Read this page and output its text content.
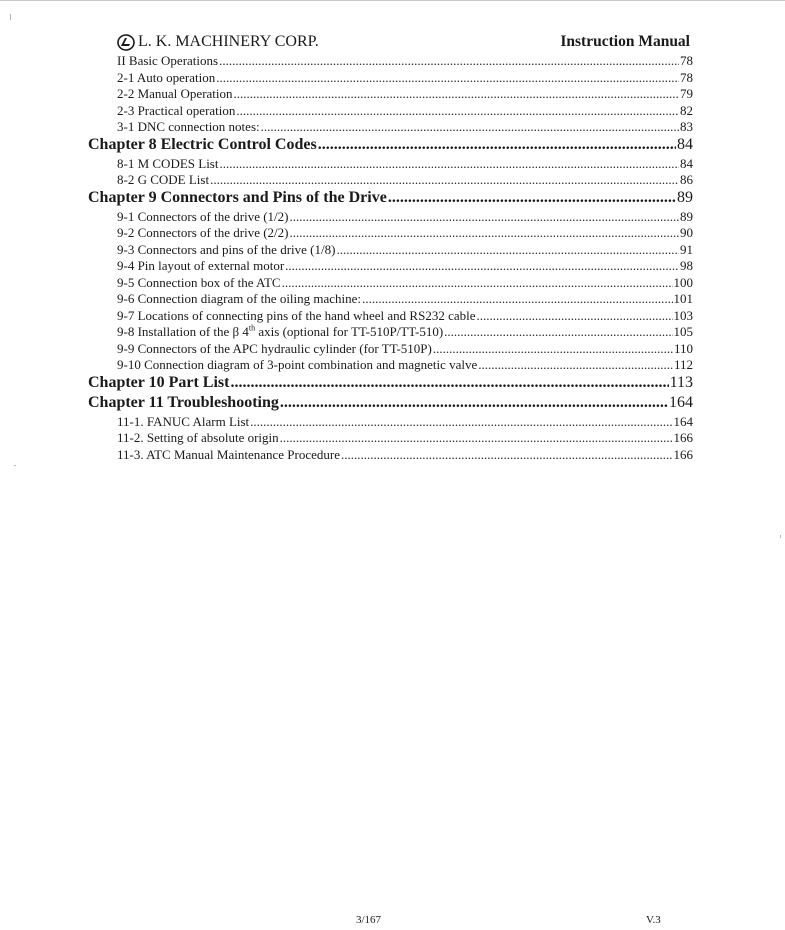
L. K. MACHINERY CORP.	Instruction Manual
II Basic Operations .....	78
2-1 Auto operation .....	78
2-2 Manual Operation .....	79
2-3 Practical operation .....	82
3-1 DNC connection notes: .....	83
Chapter 8 Electric Control Codes .....	84
8-1 M CODES List .....	84
8-2 G CODE List .....	86
Chapter 9 Connectors and Pins of the Drive .....	89
9-1 Connectors of the drive (1/2) .....	89
9-2 Connectors of the drive (2/2) .....	90
9-3 Connectors and pins of the drive (1/8) .....	91
9-4 Pin layout of external motor .....	98
9-5 Connection box of the ATC .....	100
9-6 Connection diagram of the oiling machine: .....	101
9-7 Locations of connecting pins of the hand wheel and RS232 cable .....	103
9-8 Installation of the β 4th axis (optional for TT-510P/TT-510) .....	105
9-9 Connectors of the APC hydraulic cylinder (for TT-510P) .....	110
9-10 Connection diagram of 3-point combination and magnetic valve .....	112
Chapter 10 Part List .....	113
Chapter 11 Troubleshooting .....	164
11-1. FANUC Alarm List .....	164
11-2. Setting of absolute origin .....	166
11-3. ATC Manual Maintenance Procedure .....	166
3/167	V.3
